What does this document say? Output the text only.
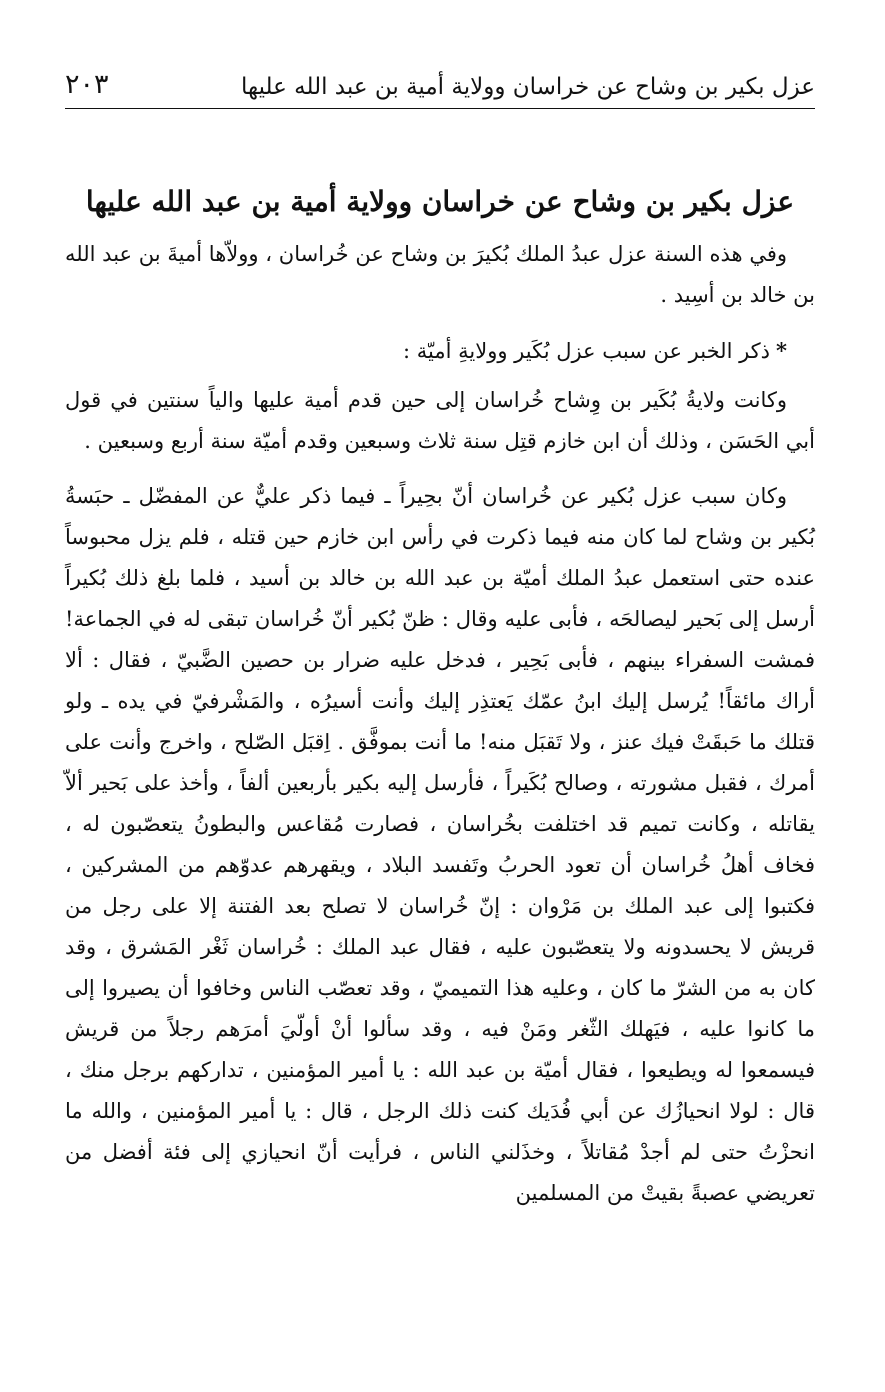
عزل بكير بن وشاح عن خراسان وولاية أمية بن عبد الله عليها
٢٠٣
عزل بكير بن وشاح عن خراسان وولاية أمية بن عبد الله عليها

وفي هذه السنة عزل عبدُ الملك بُكيرَ بن وشاح عن خُراسان ، وولاّها أميةَ بن عبد الله بن خالد بن أسِيد .

*ذكر الخبر عن سبب عزل بُكَير وولايةِ أميّة :

وكانت ولايةُ بُكَير بن وِشاح خُراسان إلى حين قدم أمية عليها والياً سنتين في قول أبي الحَسَن ، وذلك أن ابن خازم قتِل سنة ثلاث وسبعين وقدم أميّة سنة أربع وسبعين .

وكان سبب عزل بُكير عن خُراسان أنّ بحِيراً ـ فيما ذكر عليٌّ عن المفضّل ـ حبَسةُ بُكير بن وشاح لما كان منه فيما ذكرت في رأس ابن خازم حين قتله ، فلم يزل محبوساً عنده حتى استعمل عبدُ الملك أميّة بن عبد الله بن خالد بن أسيد ، فلما بلغ ذلك بُكيراً أرسل إلى بَحير ليصالحَه ، فأبى عليه وقال : ظنّ بُكير أنّ خُراسان تبقى له في الجماعة! فمشت السفراء بينهم ، فأبى بَحِير ، فدخل عليه ضرار بن حصين الضَّبيّ ، فقال : ألا أراك مائقاً! يُرسل إليك ابنُ عمّك يَعتذِر إليك وأنت أسيرُه ، والمَشْرفيّ في يده ـ ولو قتلك ما حَبقَتْ فيك عنز ، ولا تَقبَل منه! ما أنت بموفَّق . اِقبَل الصّلح ، واخرج وأنت على أمرك ، فقبل مشورته ، وصالح بُكَيراً ، فأرسل إليه بكير بأربعين ألفاً ، وأخذ على بَحير ألاّ يقاتله ، وكانت تميم قد اختلفت بخُراسان ، فصارت مُقاعس والبطونُ يتعصّبون له ، فخاف أهلُ خُراسان أن تعود الحربُ وتَفسد البلاد ، ويقهرهم عدوّهم من المشركين ، فكتبوا إلى عبد الملك بن مَرْوان : إنّ خُراسان لا تصلح بعد الفتنة إلا على رجل من قريش لا يحسدونه ولا يتعصّبون عليه ، فقال عبد الملك : خُراسان ثَغْر المَشرق ، وقد كان به من الشرّ ما كان ، وعليه هذا التميميّ ، وقد تعصّب الناس وخافوا أن يصيروا إلى ما كانوا عليه ، فيَهلك الثّغر ومَنْ فيه ، وقد سألوا أنْ أولّيَ أمرَهم رجلاً من قريش فيسمعوا له ويطيعوا ، فقال أميّة بن عبد الله : يا أمير المؤمنين ، تداركهم برجل منك ، قال : لولا انحيازُك عن أبي فُدَيك كنت ذلك الرجل ، قال : يا أمير المؤمنين ، والله ما انحزْتُ حتى لم أجدْ مُقاتلاً ، وخذَلني الناس ، فرأيت أنّ انحيازي إلى فئة أفضل من تعريضي عصبةً بقيتْ من المسلمين
